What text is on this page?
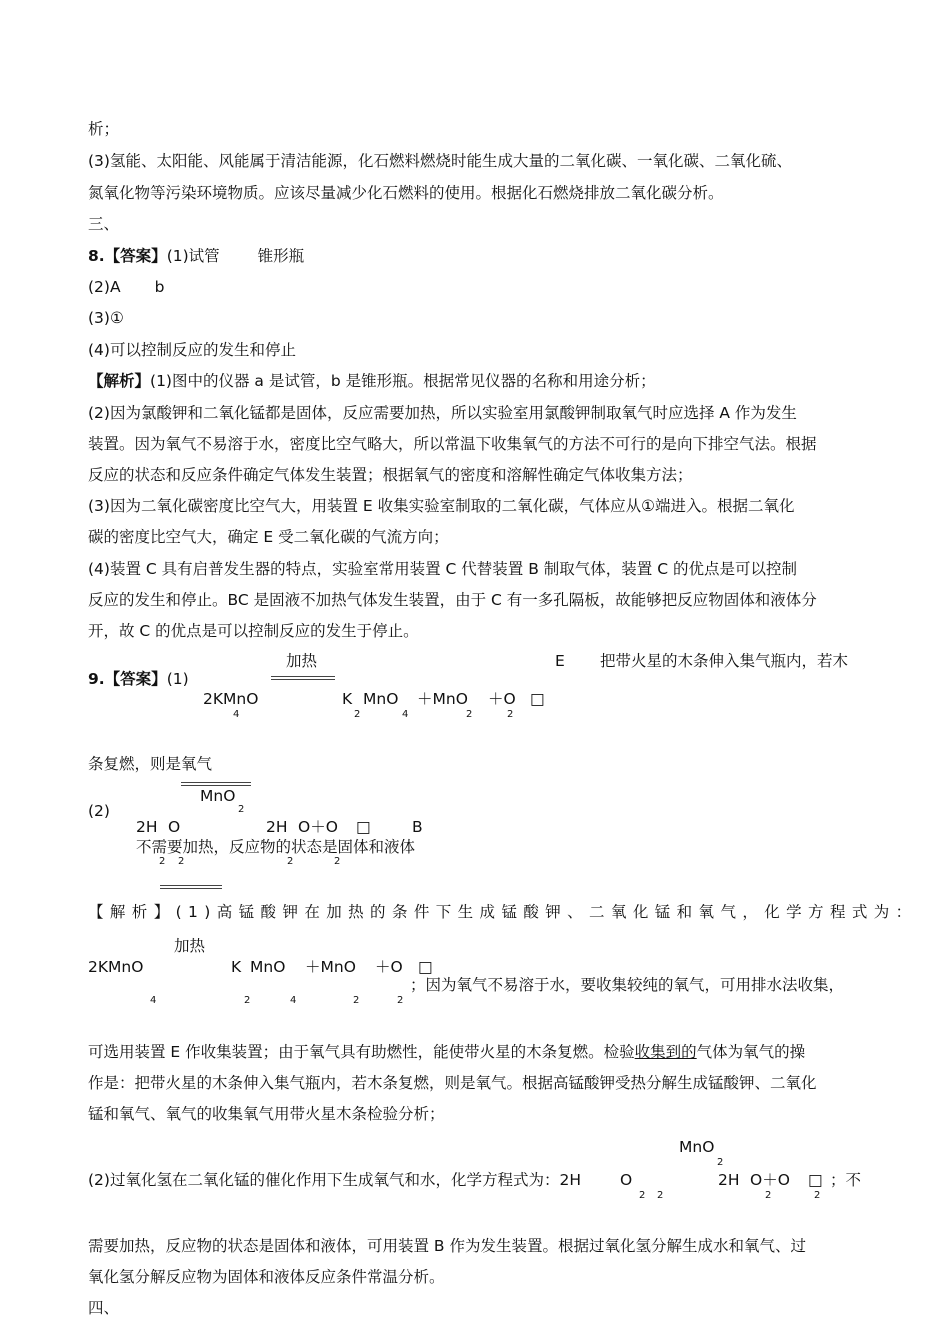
析；
(3)氢能、太阳能、风能属于清洁能源，化石燃料燃烧时能生成大量的二氧化碳、一氧化碳、二氧化硫、
氮氧化物等污染环境物质。应该尽量减少化石燃料的使用。根据化石燃烧排放二氧化碳分析。
三、
8.【答案】(1)试管 锥形瓶
(2)A b
(3)①
(4)可以控制反应的发生和停止
【解析】(1)图中的仪器 a 是试管，b 是锥形瓶。根据常见仪器的名称和用途分析；
(2)因为氯酸钾和二氧化锰都是固体，反应需要加热，所以实验室用氯酸钾制取氧气时应选择 A 作为发生
装置。因为氧气不易溶于水，密度比空气略大，所以常温下收集氧气的方法不可行的是向下排空气法。根据
反应的状态和反应条件确定气体发生装置；根据氧气的密度和溶解性确定气体收集方法；
(3)因为二氧化碳密度比空气大，用装置 E 收集实验室制取的二氧化碳，气体应从①端进入。根据二氧化
碳的密度比空气大，确定 E 受二氧化碳的气流方向；
(4)装置 C 具有启普发生器的特点，实验室常用装置 C 代替装置 B 制取气体，装置 C 的优点是可以控制
反应的发生和停止。BC 是固液不加热气体发生装置，由于 C 有一多孔隔板，故能够把反应物固体和液体分
开，故 C 的优点是可以控制反应的发生于停止。
加热	E 把带火星的木条伸入集气瓶内，若木
9.【答案】(1)
2KMnO
4
K
2
MnO
4
＋MnO
2
＋O
2
□
条复燃，则是氧气
MnO
2
(2)
2H O	2H O＋O □	B
不需要加热，反应物的状态是固体和液体
2 2	2	2
【解析】(1)高锰酸钾在加热的条件下生成锰酸钾、二氧化锰和氧气，化学方程式为：
加热
2KMnO
4
K
2
MnO
4
＋MnO
2
＋O
2
□
；因为氧气不易溶于水，要收集较纯的氧气，可用排水法收集，
可选用装置 E 作收集装置；由于氧气具有助燃性，能使带火星的木条复燃。检验收集到的气体为氧气的操
作是：把带火星的木条伸入集气瓶内，若木条复燃，则是氧气。根据高锰酸钾受热分解生成锰酸钾、二氧化
锰和氧气、氧气的收集氧气用带火星木条检验分析；
MnO
2
(2)过氧化氢在二氧化锰的催化作用下生成氧气和水，化学方程式为：2H	O
2 2
2H O＋O
2	2
□ ；不
需要加热，反应物的状态是固体和液体，可用装置 B 作为发生装置。根据过氧化氢分解生成水和氧气、过
氧化氢分解反应物为固体和液体反应条件常温分析。
四、
